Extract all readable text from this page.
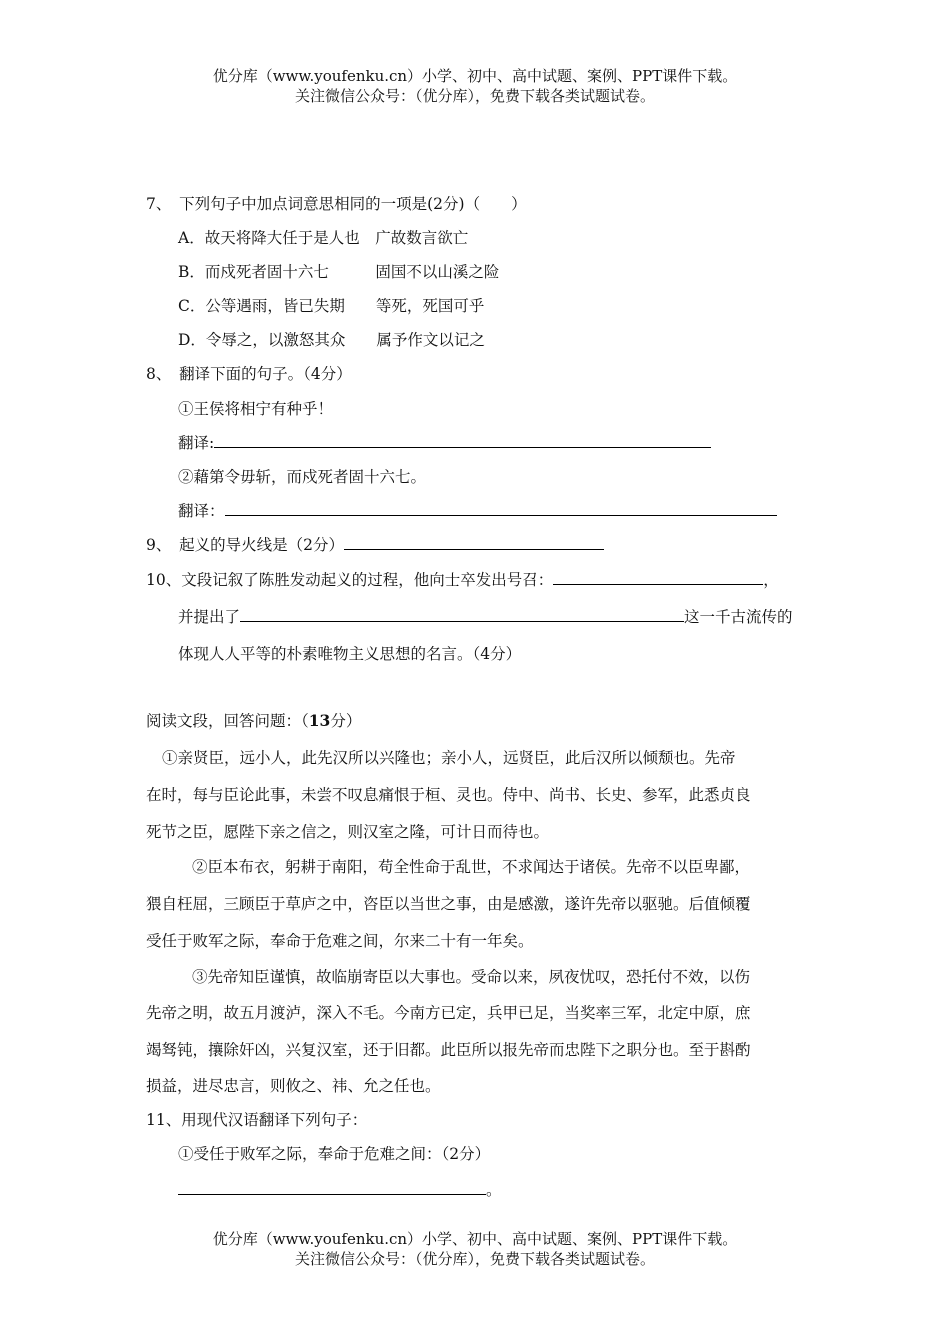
优分库（www.youfenku.cn）小学、初中、高中试题、案例、PPT课件下载。
关注微信公众号：（优分库），免费下载各类试题试卷。
7、　下列句子中加点词意思相同的一项是(2分)（　　）
A．故天将降大任于是人也　广故数言欲亡
B．而戍死者固十六七　　　固国不以山溪之险
C．公等遇雨，皆已失期　　等死，死国可乎
D．令辱之，以激怒其众　　属予作文以记之
8、　翻译下面的句子。（4分）
①王侯将相宁有种乎！
翻译:
②藉第令毋斩，而戍死者固十六七。
翻译：
9、　起义的导火线是（2分）
10、文段记叙了陈胜发动起义的过程，他向士卒发出号召：	，
并提出了	这一千古流传的
体现人人平等的朴素唯物主义思想的名言。（4分）
阅读文段，回答问题：（13分）
①亲贤臣，远小人，此先汉所以兴隆也；亲小人，远贤臣，此后汉所以倾颓也。先帝
在时，每与臣论此事，未尝不叹息痛恨于桓、灵也。侍中、尚书、长史、参军，此悉贞良
死节之臣，愿陛下亲之信之，则汉室之隆，可计日而待也。
②臣本布衣，躬耕于南阳，苟全性命于乱世，不求闻达于诸侯。先帝不以臣卑鄙，
猥自枉屈，三顾臣于草庐之中，咨臣以当世之事，由是感激，遂许先帝以驱驰。后值倾覆
受任于败军之际，奉命于危难之间，尔来二十有一年矣。
③先帝知臣谨慎，故临崩寄臣以大事也。受命以来，夙夜忧叹，恐托付不效，以伤
先帝之明，故五月渡泸，深入不毛。今南方已定，兵甲已足，当奖率三军，北定中原，庶
竭驽钝，攘除奸凶，兴复汉室，还于旧都。此臣所以报先帝而忠陛下之职分也。至于斟酌
损益，进尽忠言，则攸之、祎、允之任也。
11、用现代汉语翻译下列句子：
①受任于败军之际，奉命于危难之间：（2分）
。
优分库（www.youfenku.cn）小学、初中、高中试题、案例、PPT课件下载。
关注微信公众号：（优分库），免费下载各类试题试卷。
